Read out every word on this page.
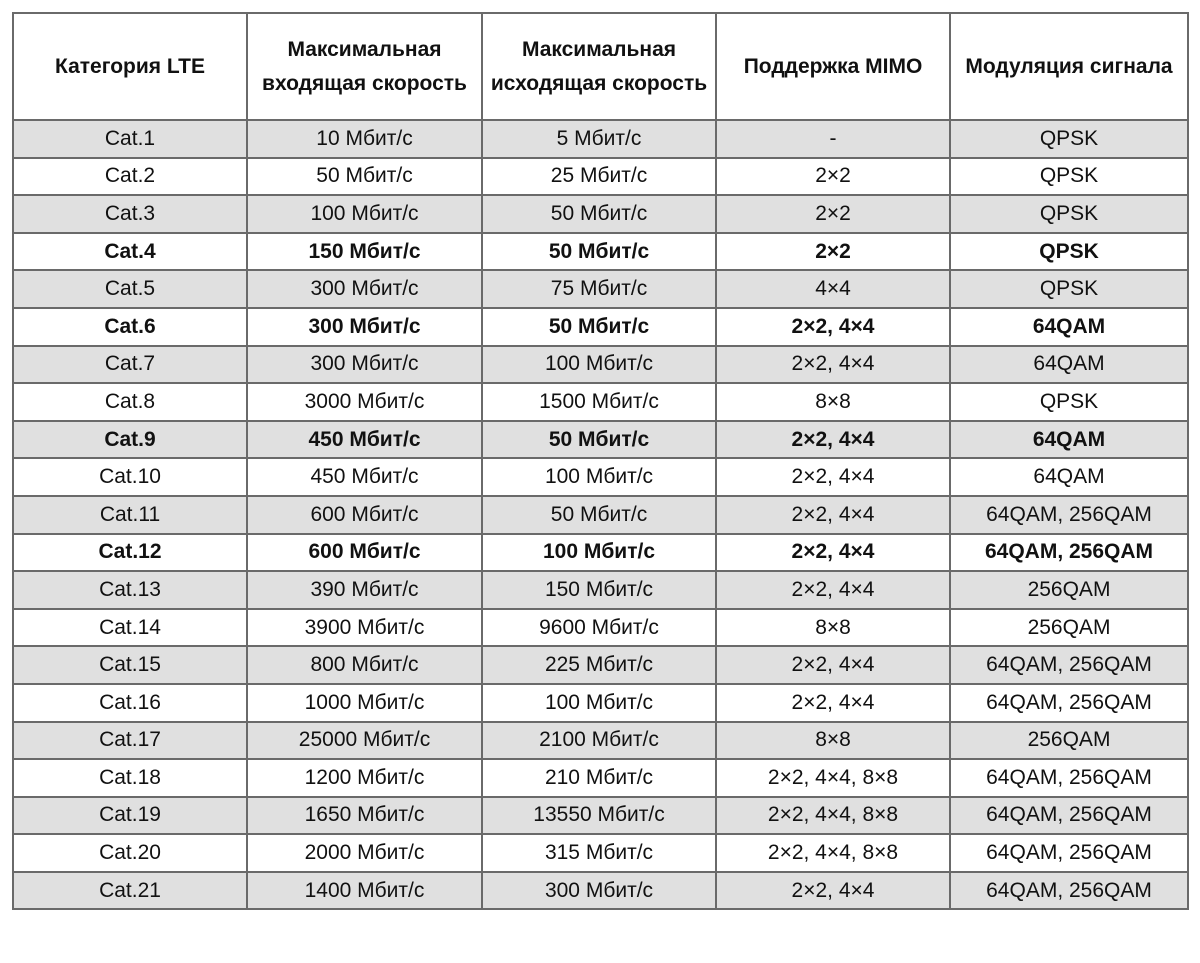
Категория LTE	Максимальная входящая скорость	Максимальная исходящая скорость	Поддержка MIMO	Модуляция сигнала
Cat.1	10 Мбит/с	5 Мбит/с	-	QPSK
Cat.2	50 Мбит/с	25 Мбит/с	2×2	QPSK
Cat.3	100 Мбит/с	50 Мбит/с	2×2	QPSK
Cat.4	150 Мбит/с	50 Мбит/с	2×2	QPSK
Cat.5	300 Мбит/с	75 Мбит/с	4×4	QPSK
Cat.6	300 Мбит/с	50 Мбит/с	2×2, 4×4	64QAM
Cat.7	300 Мбит/с	100 Мбит/с	2×2, 4×4	64QAM
Cat.8	3000 Мбит/с	1500 Мбит/с	8×8	QPSK
Cat.9	450 Мбит/с	50 Мбит/с	2×2, 4×4	64QAM
Cat.10	450 Мбит/с	100 Мбит/с	2×2, 4×4	64QAM
Cat.11	600 Мбит/с	50 Мбит/с	2×2, 4×4	64QAM, 256QAM
Cat.12	600 Мбит/с	100 Мбит/с	2×2, 4×4	64QAM, 256QAM
Cat.13	390 Мбит/с	150 Мбит/с	2×2, 4×4	256QAM
Cat.14	3900 Мбит/с	9600 Мбит/с	8×8	256QAM
Cat.15	800 Мбит/с	225 Мбит/с	2×2, 4×4	64QAM, 256QAM
Cat.16	1000 Мбит/с	100 Мбит/с	2×2, 4×4	64QAM, 256QAM
Cat.17	25000 Мбит/с	2100 Мбит/с	8×8	256QAM
Cat.18	1200 Мбит/с	210 Мбит/с	2×2, 4×4, 8×8	64QAM, 256QAM
Cat.19	1650 Мбит/с	13550 Мбит/с	2×2, 4×4, 8×8	64QAM, 256QAM
Cat.20	2000 Мбит/с	315 Мбит/с	2×2, 4×4, 8×8	64QAM, 256QAM
Cat.21	1400 Мбит/с	300 Мбит/с	2×2, 4×4	64QAM, 256QAM
